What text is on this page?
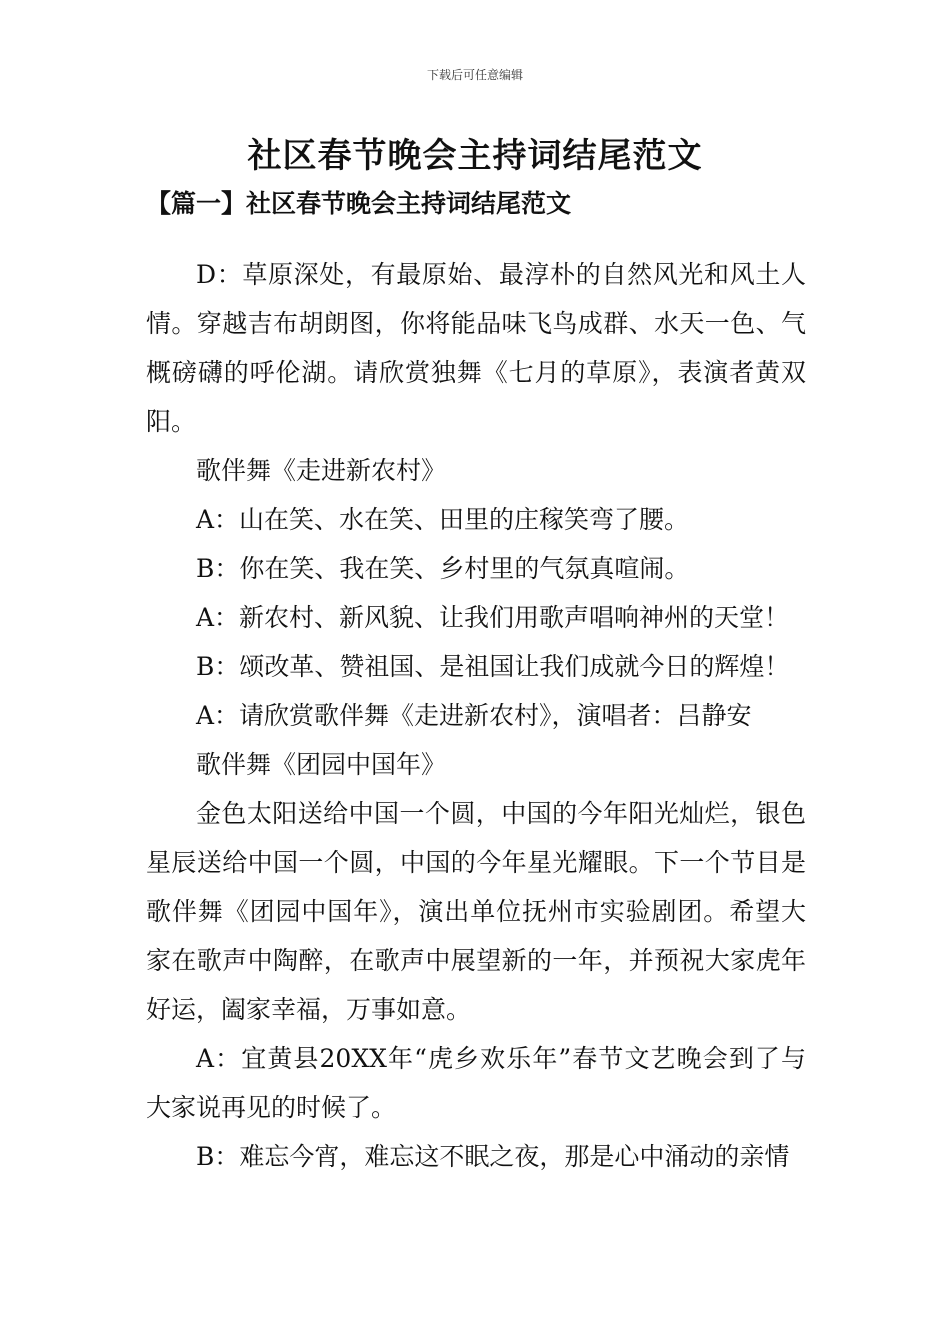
下载后可任意编辑
社区春节晚会主持词结尾范文
【篇一】社区春节晚会主持词结尾范文

D：草原深处，有最原始、最淳朴的自然风光和风土人情。穿越吉布胡朗图，你将能品味飞鸟成群、水天一色、气概磅礴的呼伦湖。请欣赏独舞《七月的草原》，表演者黄双阳。

歌伴舞《走进新农村》

A：山在笑、水在笑、田里的庄稼笑弯了腰。

B：你在笑、我在笑、乡村里的气氛真喧闹。

A：新农村、新风貌、让我们用歌声唱响神州的天堂！

B：颂改革、赞祖国、是祖国让我们成就今日的辉煌！

A：请欣赏歌伴舞《走进新农村》，演唱者：吕静安

歌伴舞《团园中国年》

金色太阳送给中国一个圆，中国的今年阳光灿烂，银色星辰送给中国一个圆，中国的今年星光耀眼。下一个节目是歌伴舞《团园中国年》，演出单位抚州市实验剧团。希望大家在歌声中陶醉，在歌声中展望新的一年，并预祝大家虎年好运，阖家幸福，万事如意。

A：宜黄县20XX年“虎乡欢乐年”春节文艺晚会到了与大家说再见的时候了。

B：难忘今宵，难忘这不眠之夜，那是心中涌动的亲情
